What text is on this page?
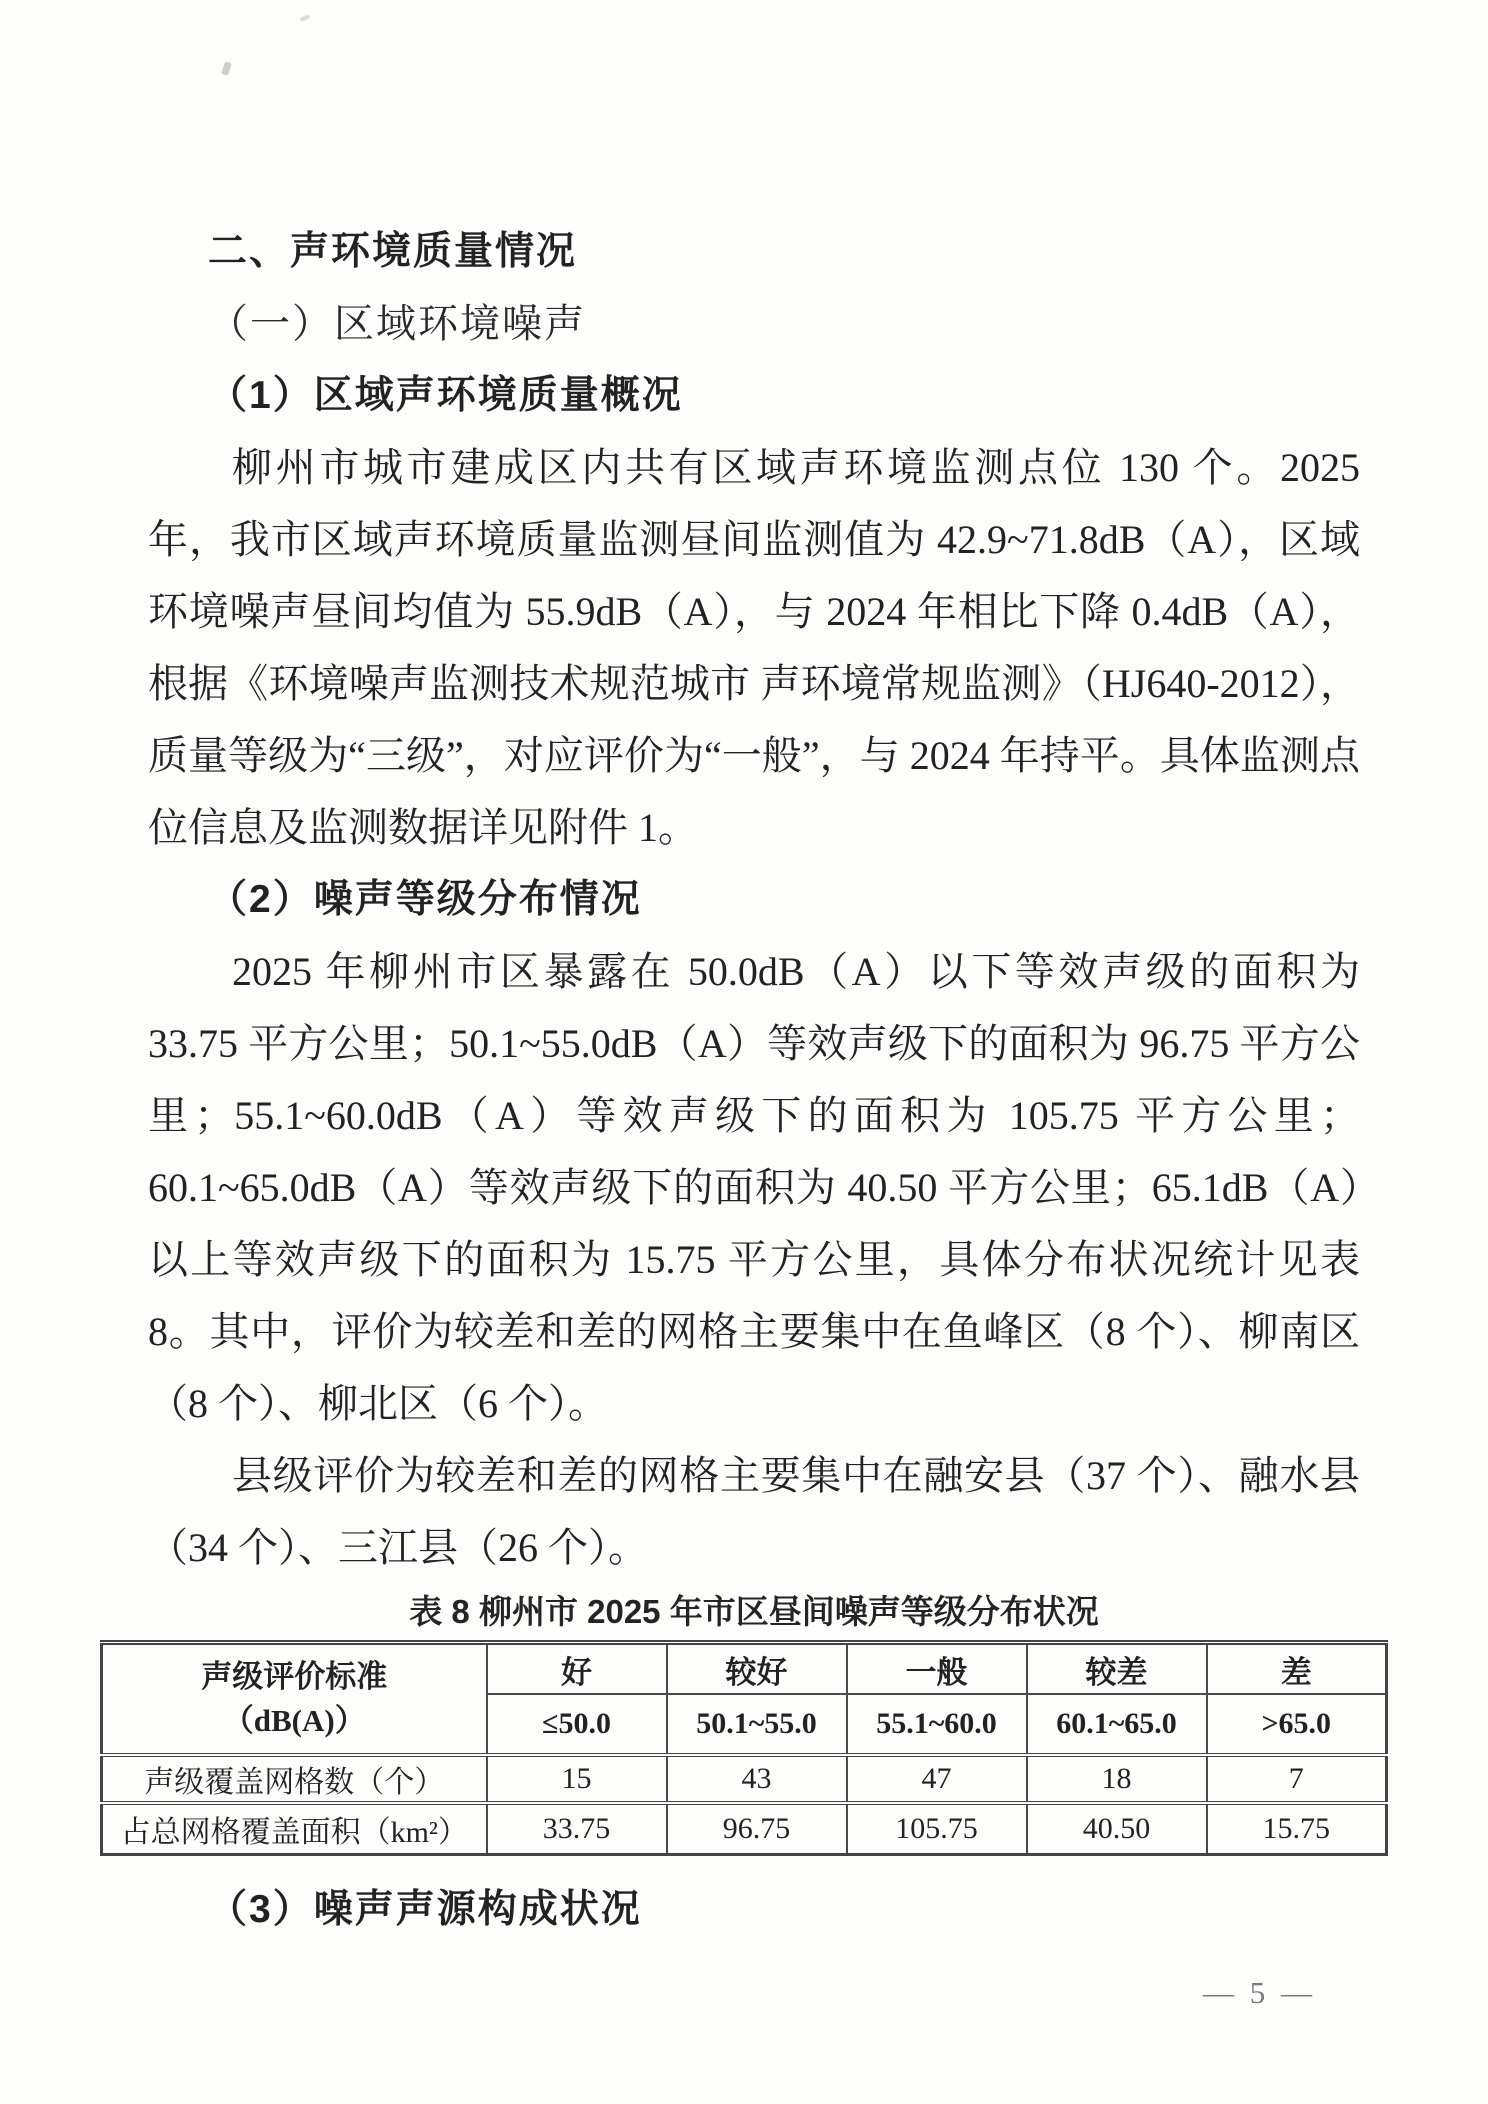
二、声环境质量情况
（一）区域环境噪声
（1）区域声环境质量概况

柳州市城市建成区内共有区域声环境监测点位 130 个。2025 年，我市区域声环境质量监测昼间监测值为 42.9~71.8dB（A），区域环境噪声昼间均值为 55.9dB（A），与 2024 年相比下降 0.4dB（A），根据《环境噪声监测技术规范城市 声环境常规监测》（HJ640-2012），质量等级为“三级”，对应评价为“一般”，与 2024 年持平。具体监测点位信息及监测数据详见附件 1。

（2）噪声等级分布情况

2025 年柳州市区暴露在 50.0dB（A）以下等效声级的面积为 33.75 平方公里；50.1~55.0dB（A）等效声级下的面积为 96.75 平方公里；55.1~60.0dB（A）等效声级下的面积为 105.75 平方公里；60.1~65.0dB（A）等效声级下的面积为 40.50 平方公里；65.1dB（A）以上等效声级下的面积为 15.75 平方公里，具体分布状况统计见表 8。其中，评价为较差和差的网格主要集中在鱼峰区（8 个）、柳南区（8 个）、柳北区（6 个）。

县级评价为较差和差的网格主要集中在融安县（37 个）、融水县（34 个）、三江县（26 个）。

表 8 柳州市 2025 年市区昼间噪声等级分布状况
声级评价标准
（dB(A)）	好	较好	一般	较差	差
	≤50.0	50.1~55.0	55.1~60.0	60.1~65.0	>65.0
声级覆盖网格数（个）	15	43	47	18	7
占总网格覆盖面积（km²）	33.75	96.75	105.75	40.50	15.75
（3）噪声声源构成状况
— 5 —
